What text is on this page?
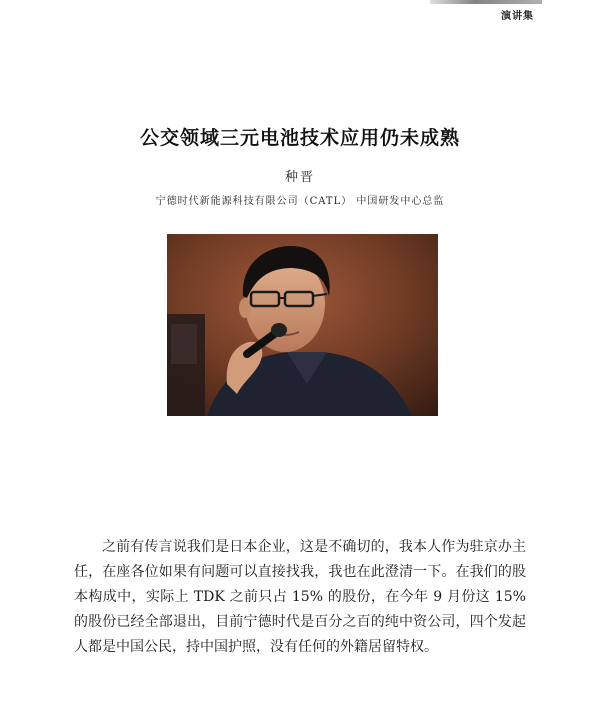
演讲集
公交领域三元电池技术应用仍未成熟
种晋
宁德时代新能源科技有限公司（CATL） 中国研发中心总监
之前有传言说我们是日本企业，这是不确切的，我本人作为驻京办主任，在座各位如果有问题可以直接找我，我也在此澄清一下。在我们的股本构成中，实际上 TDK 之前只占 15% 的股份，在今年 9 月份这 15% 的股份已经全部退出，目前宁德时代是百分之百的纯中资公司，四个发起人都是中国公民，持中国护照，没有任何的外籍居留特权。
